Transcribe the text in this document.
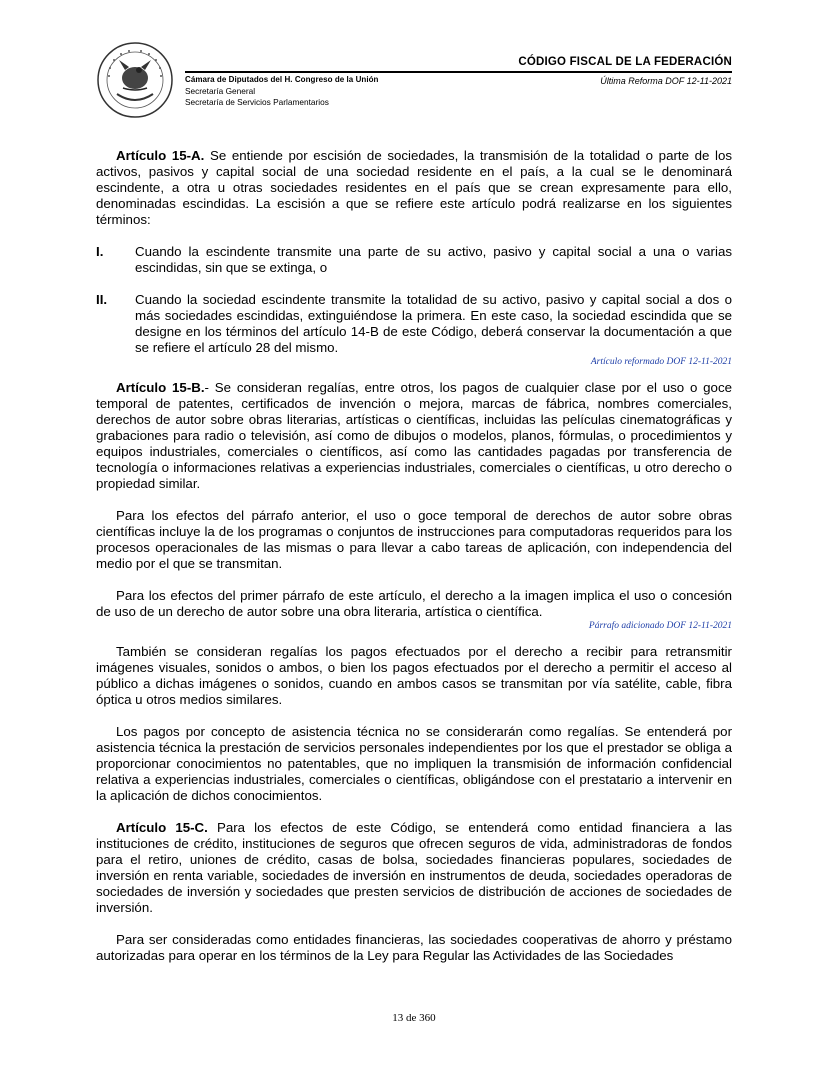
Cámara de Diputados del H. Congreso de la Unión
Secretaría General
Secretaría de Servicios Parlamentarios
CÓDIGO FISCAL DE LA FEDERACIÓN
Última Reforma DOF 12-11-2021

Artículo 15-A. Se entiende por escisión de sociedades, la transmisión de la totalidad o parte de los activos, pasivos y capital social de una sociedad residente en el país, a la cual se le denominará escindente, a otra u otras sociedades residentes en el país que se crean expresamente para ello, denominadas escindidas. La escisión a que se refiere este artículo podrá realizarse en los siguientes términos:

I.	Cuando la escindente transmite una parte de su activo, pasivo y capital social a una o varias escindidas, sin que se extinga, o
II.	Cuando la sociedad escindente transmite la totalidad de su activo, pasivo y capital social a dos o más sociedades escindidas, extinguiéndose la primera. En este caso, la sociedad escindida que se designe en los términos del artículo 14-B de este Código, deberá conservar la documentación a que se refiere el artículo 28 del mismo.
Artículo reformado DOF 12-11-2021

Artículo 15-B.- Se consideran regalías, entre otros, los pagos de cualquier clase por el uso o goce temporal de patentes, certificados de invención o mejora, marcas de fábrica, nombres comerciales, derechos de autor sobre obras literarias, artísticas o científicas, incluidas las películas cinematográficas y grabaciones para radio o televisión, así como de dibujos o modelos, planos, fórmulas, o procedimientos y equipos industriales, comerciales o científicos, así como las cantidades pagadas por transferencia de tecnología o informaciones relativas a experiencias industriales, comerciales o científicas, u otro derecho o propiedad similar.

Para los efectos del párrafo anterior, el uso o goce temporal de derechos de autor sobre obras científicas incluye la de los programas o conjuntos de instrucciones para computadoras requeridos para los procesos operacionales de las mismas o para llevar a cabo tareas de aplicación, con independencia del medio por el que se transmitan.

Para los efectos del primer párrafo de este artículo, el derecho a la imagen implica el uso o concesión de uso de un derecho de autor sobre una obra literaria, artística o científica.

Párrafo adicionado DOF 12-11-2021

También se consideran regalías los pagos efectuados por el derecho a recibir para retransmitir imágenes visuales, sonidos o ambos, o bien los pagos efectuados por el derecho a permitir el acceso al público a dichas imágenes o sonidos, cuando en ambos casos se transmitan por vía satélite, cable, fibra óptica u otros medios similares.

Los pagos por concepto de asistencia técnica no se considerarán como regalías. Se entenderá por asistencia técnica la prestación de servicios personales independientes por los que el prestador se obliga a proporcionar conocimientos no patentables, que no impliquen la transmisión de información confidencial relativa a experiencias industriales, comerciales o científicas, obligándose con el prestatario a intervenir en la aplicación de dichos conocimientos.

Artículo 15-C. Para los efectos de este Código, se entenderá como entidad financiera a las instituciones de crédito, instituciones de seguros que ofrecen seguros de vida, administradoras de fondos para el retiro, uniones de crédito, casas de bolsa, sociedades financieras populares, sociedades de inversión en renta variable, sociedades de inversión en instrumentos de deuda, sociedades operadoras de sociedades de inversión y sociedades que presten servicios de distribución de acciones de sociedades de inversión.

Para ser consideradas como entidades financieras, las sociedades cooperativas de ahorro y préstamo autorizadas para operar en los términos de la Ley para Regular las Actividades de las Sociedades

13 de 360
